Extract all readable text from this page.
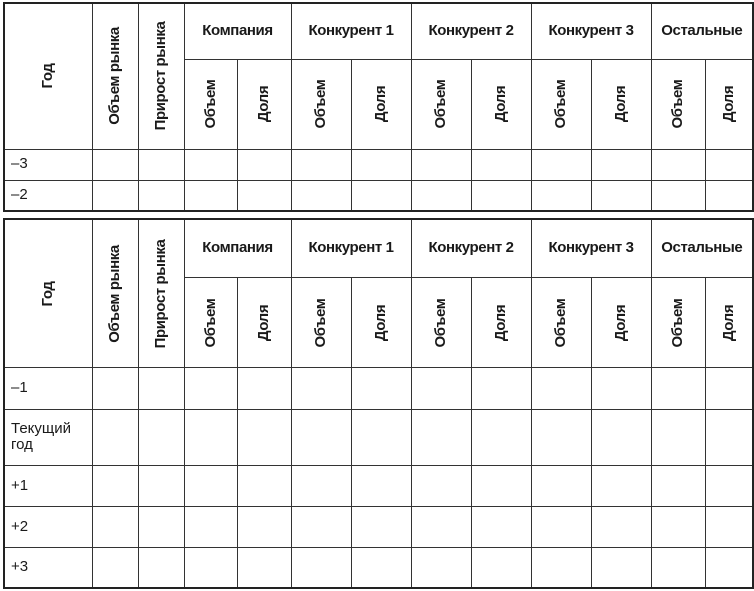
Год	Объем рынка	Прирост рынка	Компания		Конкурент 1		Конкурент 2		Конкурент 3		Остальные	

			Объем	Доля	Объем	Доля	Объем	Доля	Объем	Доля	Объем	Доля

–3												
–2												
Год	Объем рынка	Прирост рынка	Компания		Конкурент 1		Конкурент 2		Конкурент 3		Остальные	

			Объем	Доля	Объем	Доля	Объем	Доля	Объем	Доля	Объем	Доля

–1												
Текущий год												
+1												
+2												
+3												
